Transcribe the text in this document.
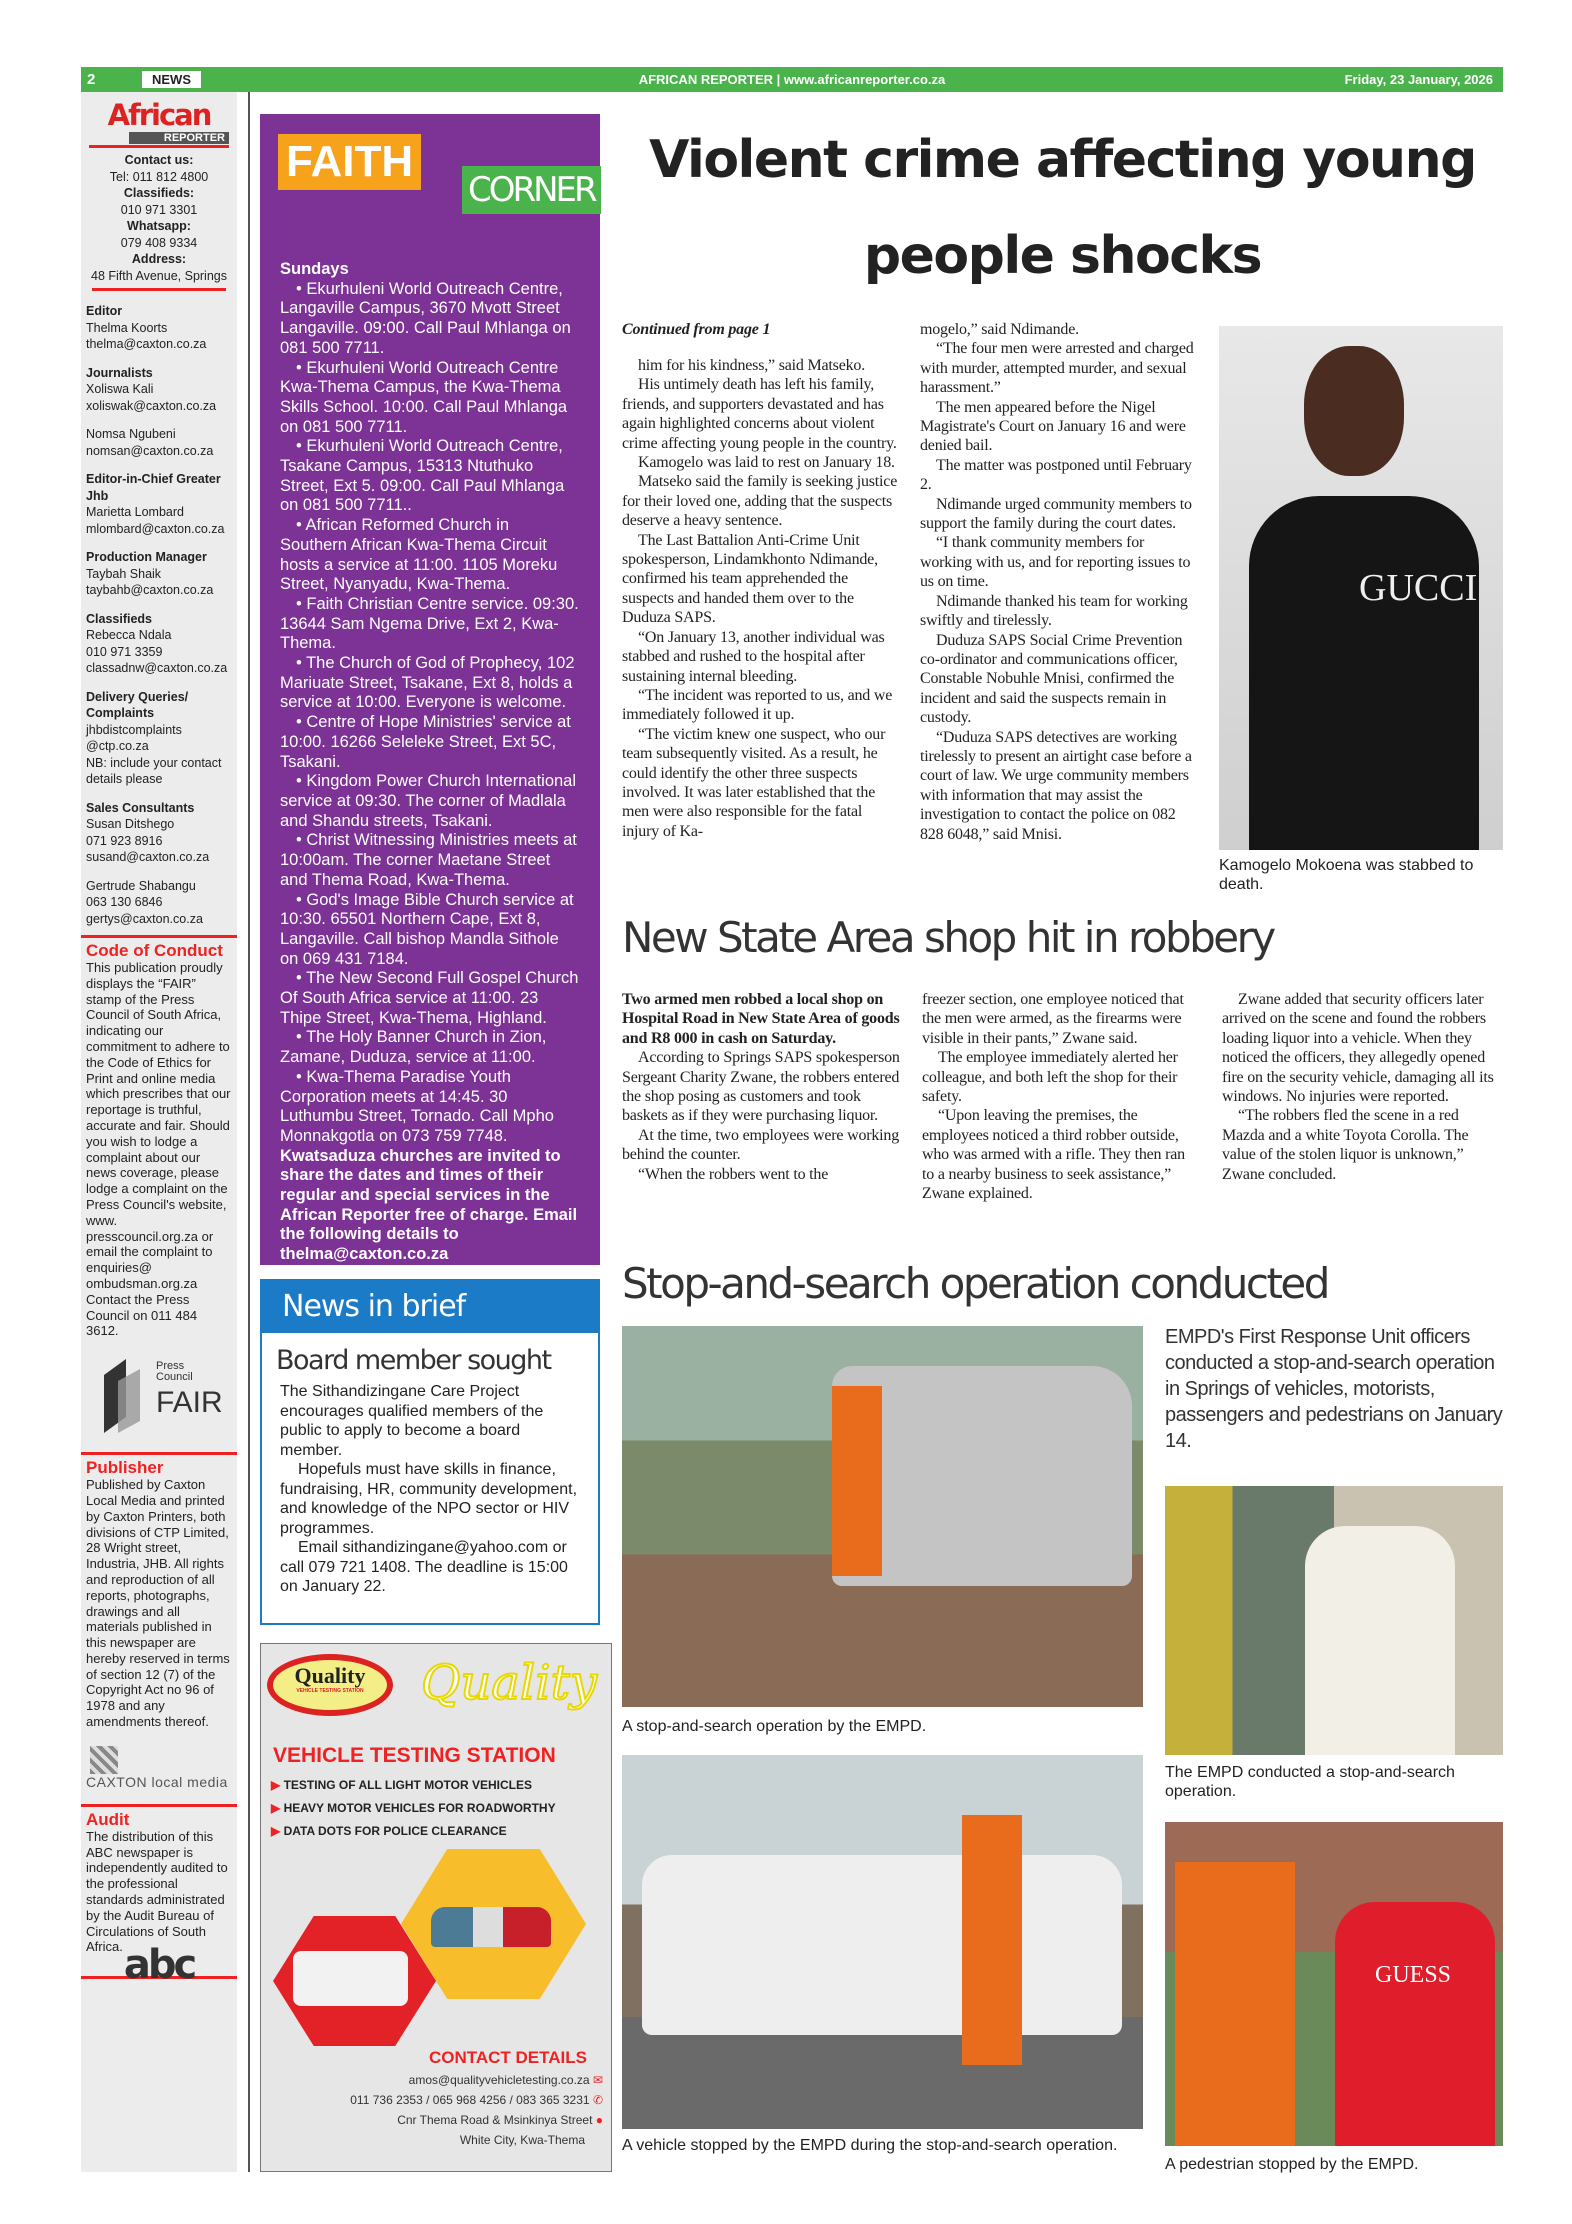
2	NEWS	AFRICAN REPORTER | www.africanreporter.co.za	Friday, 23 January, 2026
African
REPORTER
Contact us:
Tel: 011 812 4800
Classifieds:
010 971 3301
Whatsapp:
079 408 9334
Address:
48 Fifth Avenue, Springs
Editor
Thelma Koorts
thelma@caxton.co.za
Journalists
Xoliswa Kali
xoliswak@caxton.co.za
Nomsa Ngubeni
nomsan@caxton.co.za
Editor-in-Chief Greater Jhb
Marietta Lombard
mlombard@caxton.co.za
Production Manager
Taybah Shaik
taybahb@caxton.co.za
Classifieds
Rebecca Ndala
010 971 3359
classadnw@caxton.co.za
Delivery Queries/ Complaints
jhbdistcomplaints
@ctp.co.za
NB: include your contact details please
Sales Consultants
Susan Ditshego
071 923 8916
susand@caxton.co.za
Gertrude Shabangu
063 130 6846
gertys@caxton.co.za
Code of Conduct
This publication proudly displays the “FAIR” stamp of the Press Council of South Africa, indicating our commitment to adhere to the Code of Ethics for Print and online media which prescribes that our reportage is truthful, accurate and fair. Should you wish to lodge a complaint about our news coverage, please lodge a complaint on the Press Council's website, www. presscouncil.org.za or email the complaint to enquiries@ ombudsman.org.za Contact the Press Council on 011 484 3612.
Press Council
FAIR
Publisher
Published by Caxton Local Media and printed by Caxton Printers, both divisions of CTP Limited, 28 Wright street, Industria, JHB. All rights and reproduction of all reports, photographs, drawings and all materials published in this newspaper are hereby reserved in terms of section 12 (7) of the Copyright Act no 96 of 1978 and any amendments thereof.
CAXTON local media
Audit
The distribution of this ABC newspaper is independently audited to the professional standards administrated by the Audit Bureau of Circulations of South Africa. abc
FAITH
CORNER
Sundays
• Ekurhuleni World Outreach Centre, Langaville Campus, 3670 Mvott Street Langaville. 09:00. Call Paul Mhlanga on 081 500 7711.
• Ekurhuleni World Outreach Centre Kwa-Thema Campus, the Kwa-Thema Skills School. 10:00. Call Paul Mhlanga on 081 500 7711.
• Ekurhuleni World Outreach Centre, Tsakane Campus, 15313 Ntuthuko Street, Ext 5. 09:00. Call Paul Mhlanga on 081 500 7711..
• African Reformed Church in Southern African Kwa-Thema Circuit hosts a service at 11:00. 1105 Moreku Street, Nyanyadu, Kwa-Thema.
• Faith Christian Centre service. 09:30. 13644 Sam Ngema Drive, Ext 2, Kwa-Thema.
• The Church of God of Prophecy, 102 Mariuate Street, Tsakane, Ext 8, holds a service at 10:00. Everyone is welcome.
• Centre of Hope Ministries' service at 10:00. 16266 Seleleke Street, Ext 5C, Tsakani.
• Kingdom Power Church International service at 09:30. The corner of Madlala and Shandu streets, Tsakani.
• Christ Witnessing Ministries meets at 10:00am. The corner Maetane Street and Thema Road, Kwa-Thema.
• God's Image Bible Church service at 10:30. 65501 Northern Cape, Ext 8, Langaville. Call bishop Mandla Sithole on 069 431 7184.
• The New Second Full Gospel Church Of South Africa service at 11:00. 23 Thipe Street, Kwa-Thema, Highland.
• The Holy Banner Church in Zion, Zamane, Duduza, service at 11:00.
• Kwa-Thema Paradise Youth Corporation meets at 14:45. 30 Luthumbu Street, Tornado. Call Mpho Monnakgotla on 073 759 7748.
Kwatsaduza churches are invited to share the dates and times of their regular and special services in the African Reporter free of charge. Email the following details to thelma@caxton.co.za
News in brief
Board member sought

The Sithandizingane Care Project encourages qualified members of the public to apply to become a board member.

Hopefuls must have skills in finance, fundraising, HR, community development, and knowledge of the NPO sector or HIV programmes.

Email sithandizingane@yahoo.com or call 079 721 1408. The deadline is 15:00 on January 22.

Quality
VEHICLE TESTING STATION	Quality
VEHICLE TESTING STATION
▶ TESTING OF ALL LIGHT MOTOR VEHICLES
▶ HEAVY MOTOR VEHICLES FOR ROADWORTHY
▶ DATA DOTS FOR POLICE CLEARANCE
CONTACT DETAILS
amos@qualityvehicletesting.co.za ✉
011 736 2353 / 065 968 4256 / 083 365 3231 ✆
Cnr Thema Road & Msinkinya Street ●
White City, Kwa-Thema
Violent crime affecting young people shocks
Continued from page 1

him for his kindness,” said Matseko.

His untimely death has left his family, friends, and supporters devastated and has again highlighted concerns about violent crime affecting young people in the country.

Kamogelo was laid to rest on January 18.

Matseko said the family is seeking justice for their loved one, adding that the suspects deserve a heavy sentence.

The Last Battalion Anti-Crime Unit spokesperson, Lindamkhonto Ndimande, confirmed his team apprehended the suspects and handed them over to the Duduza SAPS.

“On January 13, another individual was stabbed and rushed to the hospital after sustaining internal bleeding.

“The incident was reported to us, and we immediately followed it up.

“The victim knew one suspect, who our team subsequently visited. As a result, he could identify the other three suspects involved. It was later established that the men were also responsible for the fatal injury of Ka-

mogelo,” said Ndimande.

“The four men were arrested and charged with murder, attempted murder, and sexual harassment.”

The men appeared before the Nigel Magistrate's Court on January 16 and were denied bail.

The matter was postponed until February 2.

Ndimande urged community members to support the family during the court dates.

“I thank community members for working with us, and for reporting issues to us on time.

Ndimande thanked his team for working swiftly and tirelessly.

Duduza SAPS Social Crime Prevention co-ordinator and communications officer, Constable Nobuhle Mnisi, confirmed the incident and said the suspects remain in custody.

“Duduza SAPS detectives are working tirelessly to present an airtight case before a court of law. We urge community members with information that may assist the investigation to contact the police on 082 828 6048,” said Mnisi.

GUCCI
Kamogelo Mokoena was stabbed to death.
New State Area shop hit in robbery
Two armed men robbed a local shop on Hospital Road in New State Area of goods and R8 000 in cash on Saturday.

According to Springs SAPS spokesperson Sergeant Charity Zwane, the robbers entered the shop posing as customers and took baskets as if they were purchasing liquor.

At the time, two employees were working behind the counter.

“When the robbers went to the

freezer section, one employee noticed that the men were armed, as the firearms were visible in their pants,” Zwane said.

The employee immediately alerted her colleague, and both left the shop for their safety.

“Upon leaving the premises, the employees noticed a third robber outside, who was armed with a rifle. They then ran to a nearby business to seek assistance,” Zwane explained.

Zwane added that security officers later arrived on the scene and found the robbers loading liquor into a vehicle. When they noticed the officers, they allegedly opened fire on the security vehicle, damaging all its windows. No injuries were reported.

“The robbers fled the scene in a red Mazda and a white Toyota Corolla. The value of the stolen liquor is unknown,” Zwane concluded.

Stop-and-search operation conducted
A stop-and-search operation by the EMPD.
EMPD's First Response Unit officers conducted a stop-and-search operation in Springs of vehicles, motorists, passengers and pedestrians on January 14.
The EMPD conducted a stop-and-search operation.
A vehicle stopped by the EMPD during the stop-and-search operation.
GUESS
A pedestrian stopped by the EMPD.
